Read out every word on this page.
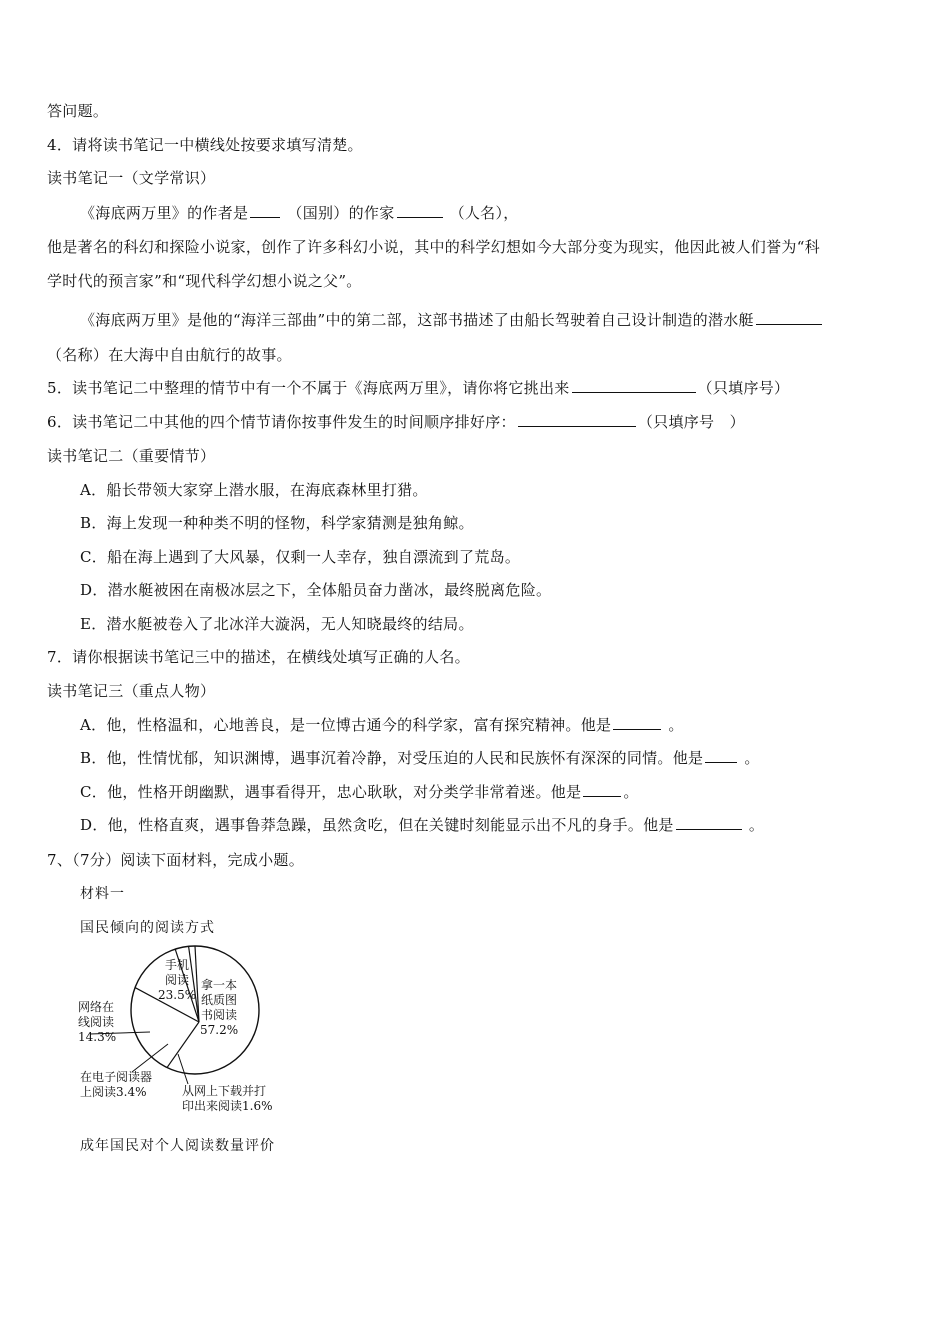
答问题。
4．请将读书笔记一中横线处按要求填写清楚。
读书笔记一（文学常识）
《海底两万里》的作者是	（国别）的作家	（人名），
他是著名的科幻和探险小说家，创作了许多科幻小说，其中的科学幻想如今大部分变为现实，他因此被人们誉为“科
学时代的预言家”和“现代科学幻想小说之父”。
《海底两万里》是他的“海洋三部曲”中的第二部，这部书描述了由船长驾驶着自己设计制造的潜水艇
（名称）在大海中自由航行的故事。
5．读书笔记二中整理的情节中有一个不属于《海底两万里》，请你将它挑出来	（只填序号）
6．读书笔记二中其他的四个情节请你按事件发生的时间顺序排好序：	（只填序号　）
读书笔记二（重要情节）
A．船长带领大家穿上潜水服，在海底森林里打猎。
B．海上发现一种种类不明的怪物，科学家猜测是独角鲸。
C．船在海上遇到了大风暴，仅剩一人幸存，独自漂流到了荒岛。
D．潜水艇被困在南极冰层之下，全体船员奋力凿冰，最终脱离危险。
E．潜水艇被卷入了北冰洋大漩涡，无人知晓最终的结局。
7．请你根据读书笔记三中的描述，在横线处填写正确的人名。
读书笔记三（重点人物）
A．他，性格温和，心地善良，是一位博古通今的科学家，富有探究精神。他是	。
B．他，性情忧郁，知识渊博，遇事沉着冷静，对受压迫的人民和民族怀有深深的同情。他是	。
C．他，性格开朗幽默，遇事看得开，忠心耿耿，对分类学非常着迷。他是	。
D．他，性格直爽，遇事鲁莽急躁，虽然贪吃，但在关键时刻能显示出不凡的身手。他是	。
7、（7分）阅读下面材料，完成小题。
材料一
国民倾向的阅读方式
拿一本
纸质图
书阅读
57.2%
手机
阅读
23.5%
网络在
线阅读
14.3%
在电子阅读器
上阅读3.4%	从网上下载并打
印出来阅读1.6%
成年国民对个人阅读数量评价
